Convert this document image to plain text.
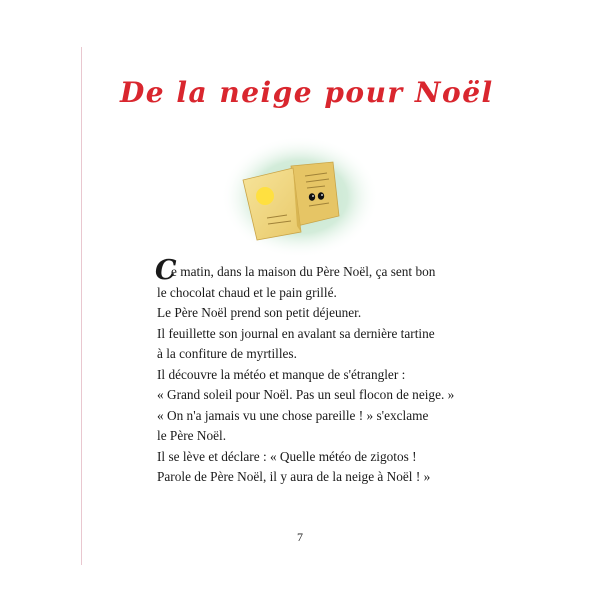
De la neige pour Noël
C
e matin, dans la maison du Père Noël, ça sent bon
le chocolat chaud et le pain grillé.
Le Père Noël prend son petit déjeuner.
Il feuillette son journal en avalant sa dernière tartine
à la confiture de myrtilles.
Il découvre la météo et manque de s'étrangler :
« Grand soleil pour Noël. Pas un seul flocon de neige. »
« On n'a jamais vu une chose pareille ! » s'exclame
le Père Noël.
Il se lève et déclare : « Quelle météo de zigotos !
Parole de Père Noël, il y aura de la neige à Noël ! »
7
